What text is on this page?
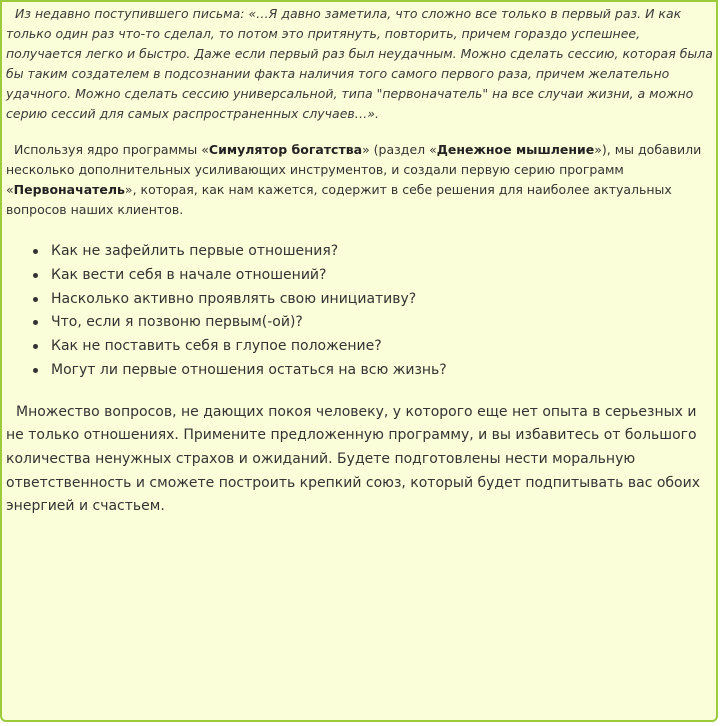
Из недавно поступившего письма: «…Я давно заметила, что сложно все только в первый раз. И как только один раз что-то сделал, то потом это притянуть, повторить, причем гораздо успешнее, получается легко и быстро. Даже если первый раз был неудачным. Можно сделать сессию, которая была бы таким создателем в подсознании факта наличия того самого первого раза, причем желательно удачного. Можно сделать сессию универсальной, типа "первоначатель" на все случаи жизни, а можно серию сессий для самых распространенных случаев…».

Используя ядро программы «Симулятор богатства» (раздел «Денежное мышление»), мы добавили несколько дополнительных усиливающих инструментов, и создали первую серию программ «Первоначатель», которая, как нам кажется, содержит в себе решения для наиболее актуальных вопросов наших клиентов.

Как не зафейлить первые отношения?
Как вести себя в начале отношений?
Насколько активно проявлять свою инициативу?
Что, если я позвоню первым(-ой)?
Как не поставить себя в глупое положение?
Могут ли первые отношения остаться на всю жизнь?

Множество вопросов, не дающих покоя человеку, у которого еще нет опыта в серьезных и не только отношениях. Примените предложенную программу, и вы избавитесь от большого количества ненужных страхов и ожиданий. Будете подготовлены нести моральную ответственность и сможете построить крепкий союз, который будет подпитывать вас обоих энергией и счастьем.
